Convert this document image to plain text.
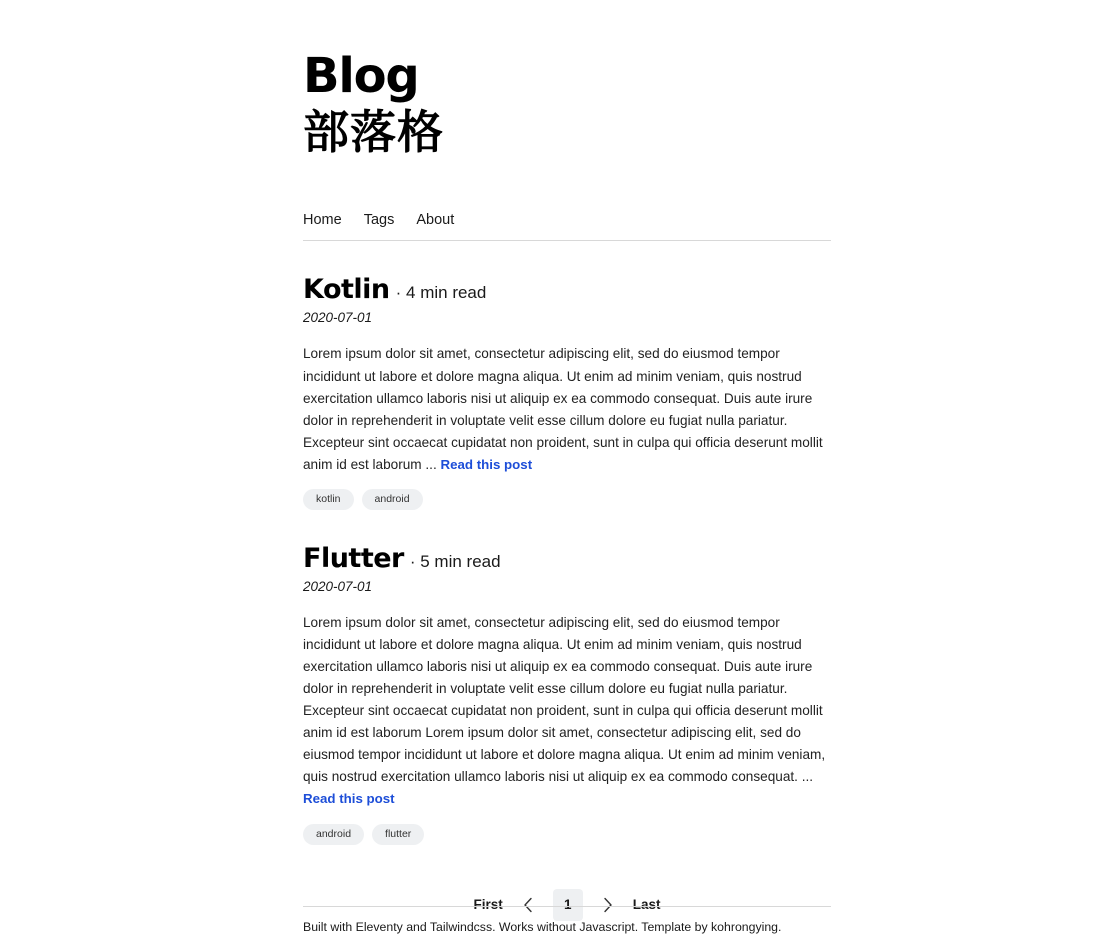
Blog
部落格
Home Tags About
Kotlin · 4 min read
2020-07-01

Lorem ipsum dolor sit amet, consectetur adipiscing elit, sed do eiusmod tempor incididunt ut labore et dolore magna aliqua. Ut enim ad minim veniam, quis nostrud exercitation ullamco laboris nisi ut aliquip ex ea commodo consequat. Duis aute irure dolor in reprehenderit in voluptate velit esse cillum dolore eu fugiat nulla pariatur. Excepteur sint occaecat cupidatat non proident, sunt in culpa qui officia deserunt mollit anim id est laborum ... Read this post

kotlin	android
Flutter · 5 min read
2020-07-01

Lorem ipsum dolor sit amet, consectetur adipiscing elit, sed do eiusmod tempor incididunt ut labore et dolore magna aliqua. Ut enim ad minim veniam, quis nostrud exercitation ullamco laboris nisi ut aliquip ex ea commodo consequat. Duis aute irure dolor in reprehenderit in voluptate velit esse cillum dolore eu fugiat nulla pariatur. Excepteur sint occaecat cupidatat non proident, sunt in culpa qui officia deserunt mollit anim id est laborum Lorem ipsum dolor sit amet, consectetur adipiscing elit, sed do eiusmod tempor incididunt ut labore et dolore magna aliqua. Ut enim ad minim veniam, quis nostrud exercitation ullamco laboris nisi ut aliquip ex ea commodo consequat. ... Read this post

android	flutter
First	1	Last
Built with Eleventy and Tailwindcss. Works without Javascript. Template by kohrongying.
